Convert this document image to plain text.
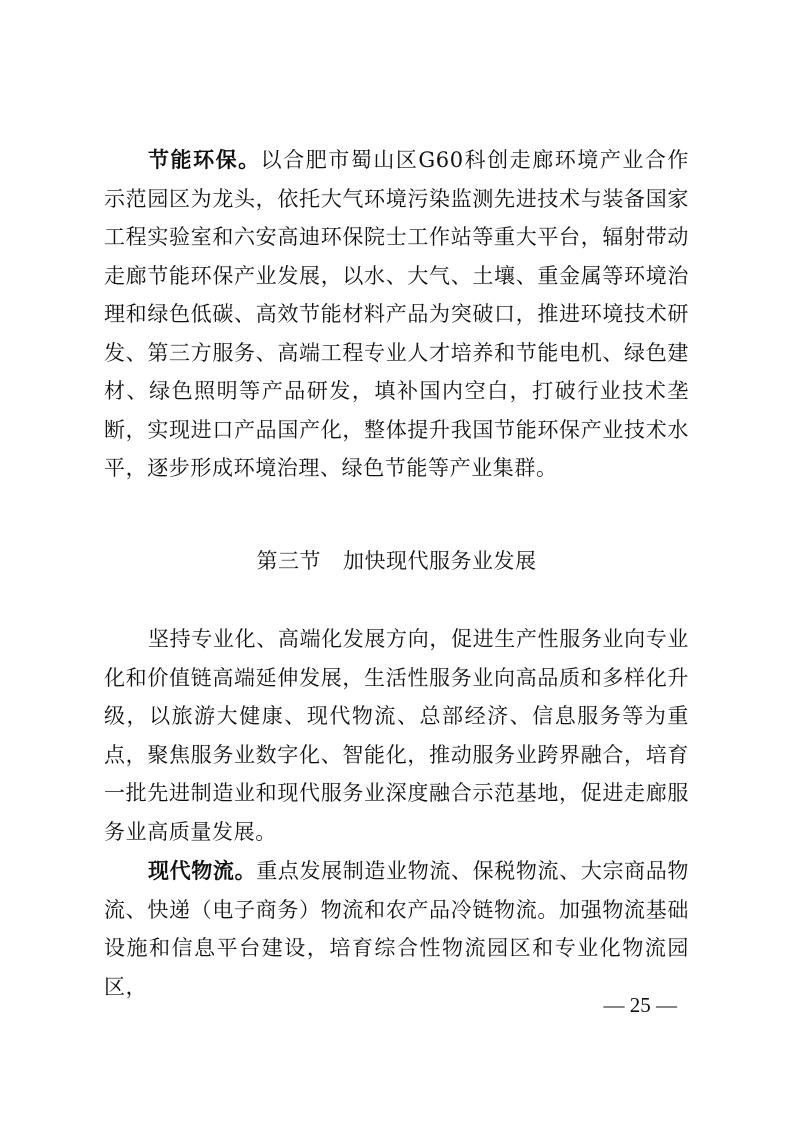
节能环保。以合肥市蜀山区G60科创走廊环境产业合作示范园区为龙头，依托大气环境污染监测先进技术与装备国家工程实验室和六安高迪环保院士工作站等重大平台，辐射带动走廊节能环保产业发展，以水、大气、土壤、重金属等环境治理和绿色低碳、高效节能材料产品为突破口，推进环境技术研发、第三方服务、高端工程专业人才培养和节能电机、绿色建材、绿色照明等产品研发，填补国内空白，打破行业技术垄断，实现进口产品国产化，整体提升我国节能环保产业技术水平，逐步形成环境治理、绿色节能等产业集群。

第三节 加快现代服务业发展

坚持专业化、高端化发展方向，促进生产性服务业向专业化和价值链高端延伸发展，生活性服务业向高品质和多样化升级，以旅游大健康、现代物流、总部经济、信息服务等为重点，聚焦服务业数字化、智能化，推动服务业跨界融合，培育一批先进制造业和现代服务业深度融合示范基地，促进走廊服务业高质量发展。

现代物流。重点发展制造业物流、保税物流、大宗商品物流、快递（电子商务）物流和农产品冷链物流。加强物流基础设施和信息平台建设，培育综合性物流园区和专业化物流园区，

— 25 —
